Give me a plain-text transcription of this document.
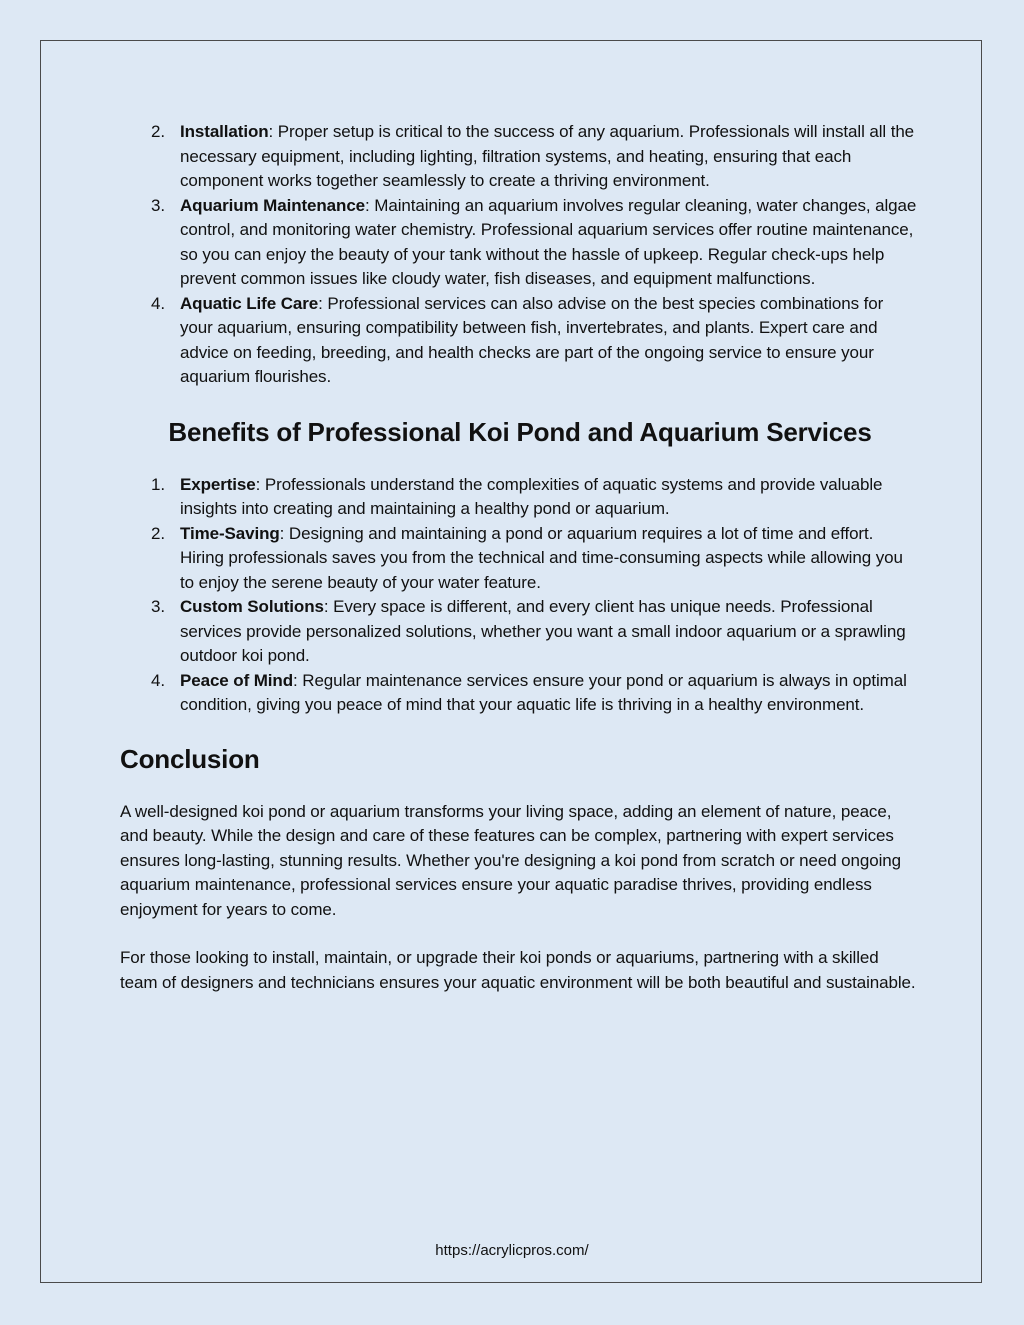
2. Installation: Proper setup is critical to the success of any aquarium. Professionals will install all the necessary equipment, including lighting, filtration systems, and heating, ensuring that each component works together seamlessly to create a thriving environment.
3. Aquarium Maintenance: Maintaining an aquarium involves regular cleaning, water changes, algae control, and monitoring water chemistry. Professional aquarium services offer routine maintenance, so you can enjoy the beauty of your tank without the hassle of upkeep. Regular check-ups help prevent common issues like cloudy water, fish diseases, and equipment malfunctions.
4. Aquatic Life Care: Professional services can also advise on the best species combinations for your aquarium, ensuring compatibility between fish, invertebrates, and plants. Expert care and advice on feeding, breeding, and health checks are part of the ongoing service to ensure your aquarium flourishes.
Benefits of Professional Koi Pond and Aquarium Services
1. Expertise: Professionals understand the complexities of aquatic systems and provide valuable insights into creating and maintaining a healthy pond or aquarium.
2. Time-Saving: Designing and maintaining a pond or aquarium requires a lot of time and effort. Hiring professionals saves you from the technical and time-consuming aspects while allowing you to enjoy the serene beauty of your water feature.
3. Custom Solutions: Every space is different, and every client has unique needs. Professional services provide personalized solutions, whether you want a small indoor aquarium or a sprawling outdoor koi pond.
4. Peace of Mind: Regular maintenance services ensure your pond or aquarium is always in optimal condition, giving you peace of mind that your aquatic life is thriving in a healthy environment.
Conclusion

A well-designed koi pond or aquarium transforms your living space, adding an element of nature, peace, and beauty. While the design and care of these features can be complex, partnering with expert services ensures long-lasting, stunning results. Whether you're designing a koi pond from scratch or need ongoing aquarium maintenance, professional services ensure your aquatic paradise thrives, providing endless enjoyment for years to come.

For those looking to install, maintain, or upgrade their koi ponds or aquariums, partnering with a skilled team of designers and technicians ensures your aquatic environment will be both beautiful and sustainable.

https://acrylicpros.com/
